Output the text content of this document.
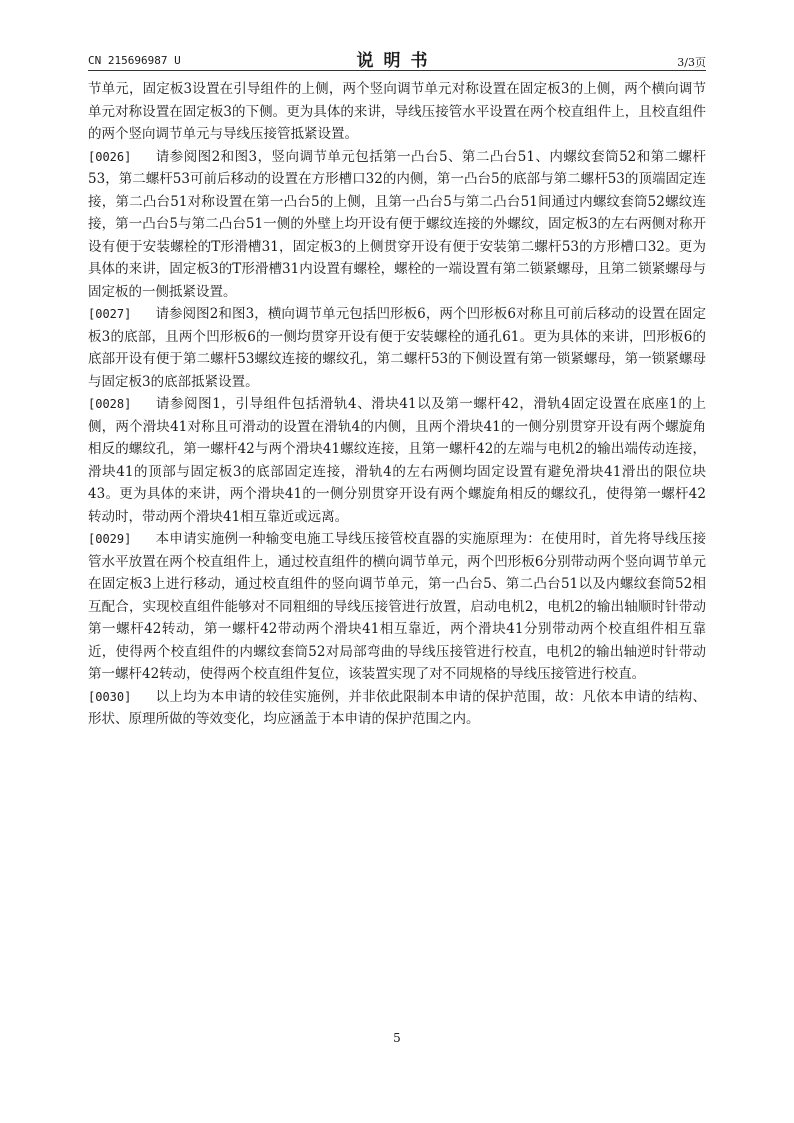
CN 215696987 U	说明书	3/3页

节单元，固定板3设置在引导组件的上侧，两个竖向调节单元对称设置在固定板3的上侧，两个横向调节单元对称设置在固定板3的下侧。更为具体的来讲，导线压接管水平设置在两个校直组件上，且校直组件的两个竖向调节单元与导线压接管抵紧设置。

[0026] 请参阅图2和图3，竖向调节单元包括第一凸台5、第二凸台51、内螺纹套筒52和第二螺杆53，第二螺杆53可前后移动的设置在方形槽口32的内侧，第一凸台5的底部与第二螺杆53的顶端固定连接，第二凸台51对称设置在第一凸台5的上侧，且第一凸台5与第二凸台51间通过内螺纹套筒52螺纹连接，第一凸台5与第二凸台51一侧的外壁上均开设有便于螺纹连接的外螺纹，固定板3的左右两侧对称开设有便于安装螺栓的T形滑槽31，固定板3的上侧贯穿开设有便于安装第二螺杆53的方形槽口32。更为具体的来讲，固定板3的T形滑槽31内设置有螺栓，螺栓的一端设置有第二锁紧螺母，且第二锁紧螺母与固定板的一侧抵紧设置。

[0027] 请参阅图2和图3，横向调节单元包括凹形板6，两个凹形板6对称且可前后移动的设置在固定板3的底部，且两个凹形板6的一侧均贯穿开设有便于安装螺栓的通孔61。更为具体的来讲，凹形板6的底部开设有便于第二螺杆53螺纹连接的螺纹孔，第二螺杆53的下侧设置有第一锁紧螺母，第一锁紧螺母与固定板3的底部抵紧设置。

[0028] 请参阅图1，引导组件包括滑轨4、滑块41以及第一螺杆42，滑轨4固定设置在底座1的上侧，两个滑块41对称且可滑动的设置在滑轨4的内侧，且两个滑块41的一侧分别贯穿开设有两个螺旋角相反的螺纹孔，第一螺杆42与两个滑块41螺纹连接，且第一螺杆42的左端与电机2的输出端传动连接，滑块41的顶部与固定板3的底部固定连接，滑轨4的左右两侧均固定设置有避免滑块41滑出的限位块43。更为具体的来讲，两个滑块41的一侧分别贯穿开设有两个螺旋角相反的螺纹孔，使得第一螺杆42转动时，带动两个滑块41相互靠近或远离。

[0029] 本申请实施例一种输变电施工导线压接管校直器的实施原理为：在使用时，首先将导线压接管水平放置在两个校直组件上，通过校直组件的横向调节单元，两个凹形板6分别带动两个竖向调节单元在固定板3上进行移动，通过校直组件的竖向调节单元，第一凸台5、第二凸台51以及内螺纹套筒52相互配合，实现校直组件能够对不同粗细的导线压接管进行放置，启动电机2，电机2的输出轴顺时针带动第一螺杆42转动，第一螺杆42带动两个滑块41相互靠近，两个滑块41分别带动两个校直组件相互靠近，使得两个校直组件的内螺纹套筒52对局部弯曲的导线压接管进行校直，电机2的输出轴逆时针带动第一螺杆42转动，使得两个校直组件复位，该装置实现了对不同规格的导线压接管进行校直。

[0030] 以上均为本申请的较佳实施例，并非依此限制本申请的保护范围，故：凡依本申请的结构、形状、原理所做的等效变化，均应涵盖于本申请的保护范围之内。

5
